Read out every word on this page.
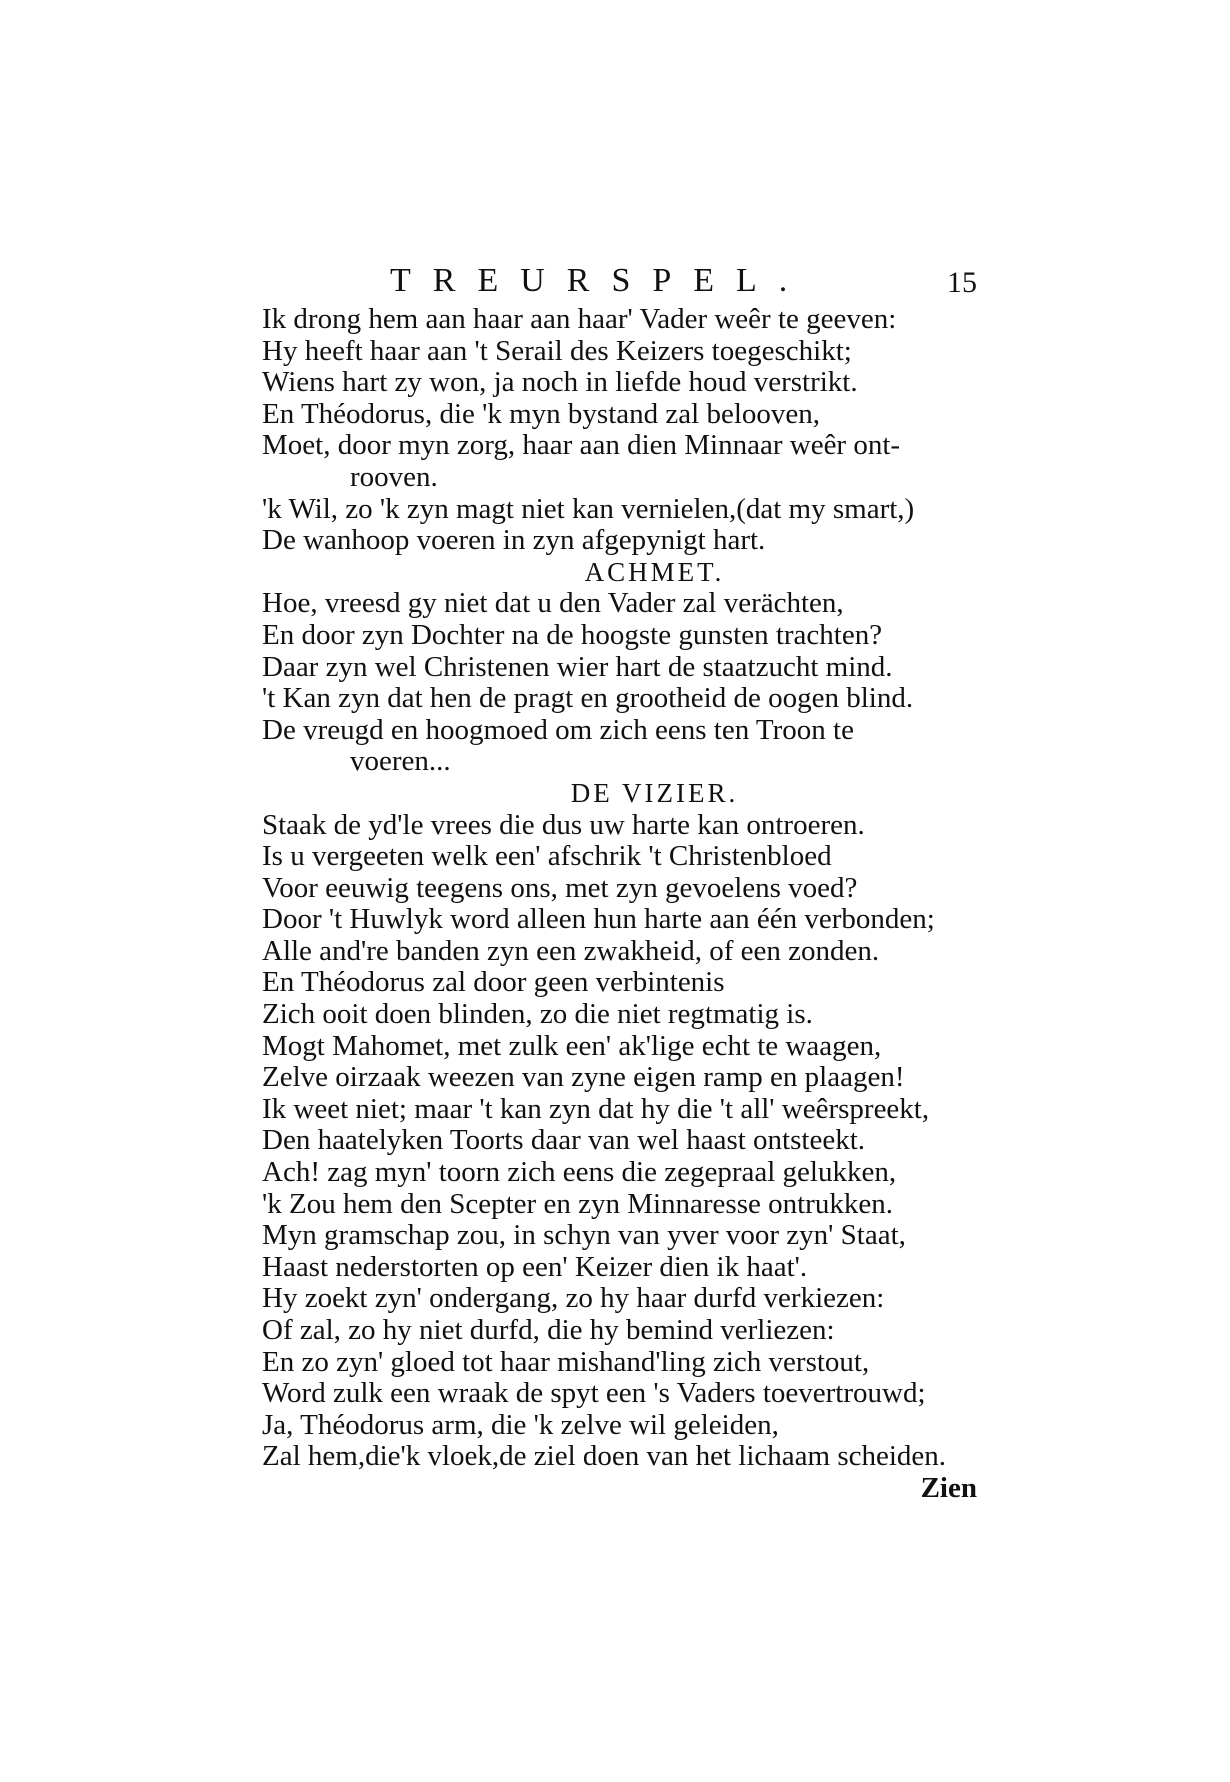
TREURSPEL.	15
Ik drong hem aan haar aan haar' Vader weêr te geeven:
Hy heeft haar aan 't Serail des Keizers toegeschikt;
Wiens hart zy won, ja noch in liefde houd verstrikt.
En Théodorus, die 'k myn bystand zal belooven,
Moet, door myn zorg, haar aan dien Minnaar weêr ont-
rooven.
'k Wil, zo 'k zyn magt niet kan vernielen,(dat my smart,)
De wanhoop voeren in zyn afgepynigt hart.
ACHMET.
Hoe, vreesd gy niet dat u den Vader zal verächten,
En door zyn Dochter na de hoogste gunsten trachten?
Daar zyn wel Christenen wier hart de staatzucht mind.
't Kan zyn dat hen de pragt en grootheid de oogen blind.
De vreugd en hoogmoed om zich eens ten Troon te
voeren...
DE VIZIER.
Staak de yd'le vrees die dus uw harte kan ontroeren.
Is u vergeeten welk een' afschrik 't Christenbloed
Voor eeuwig teegens ons, met zyn gevoelens voed?
Door 't Huwlyk word alleen hun harte aan één verbonden;
Alle and're banden zyn een zwakheid, of een zonden.
En Théodorus zal door geen verbintenis
Zich ooit doen blinden, zo die niet regtmatig is.
Mogt Mahomet, met zulk een' ak'lige echt te waagen,
Zelve oirzaak weezen van zyne eigen ramp en plaagen!
Ik weet niet; maar 't kan zyn dat hy die 't all' weêrspreekt,
Den haatelyken Toorts daar van wel haast ontsteekt.
Ach! zag myn' toorn zich eens die zegepraal gelukken,
'k Zou hem den Scepter en zyn Minnaresse ontrukken.
Myn gramschap zou, in schyn van yver voor zyn' Staat,
Haast nederstorten op een' Keizer dien ik haat'.
Hy zoekt zyn' ondergang, zo hy haar durfd verkiezen:
Of zal, zo hy niet durfd, die hy bemind verliezen:
En zo zyn' gloed tot haar mishand'ling zich verstout,
Word zulk een wraak de spyt een 's Vaders toevertrouwd;
Ja, Théodorus arm, die 'k zelve wil geleiden,
Zal hem,die'k vloek,de ziel doen van het lichaam scheiden.
Zien
